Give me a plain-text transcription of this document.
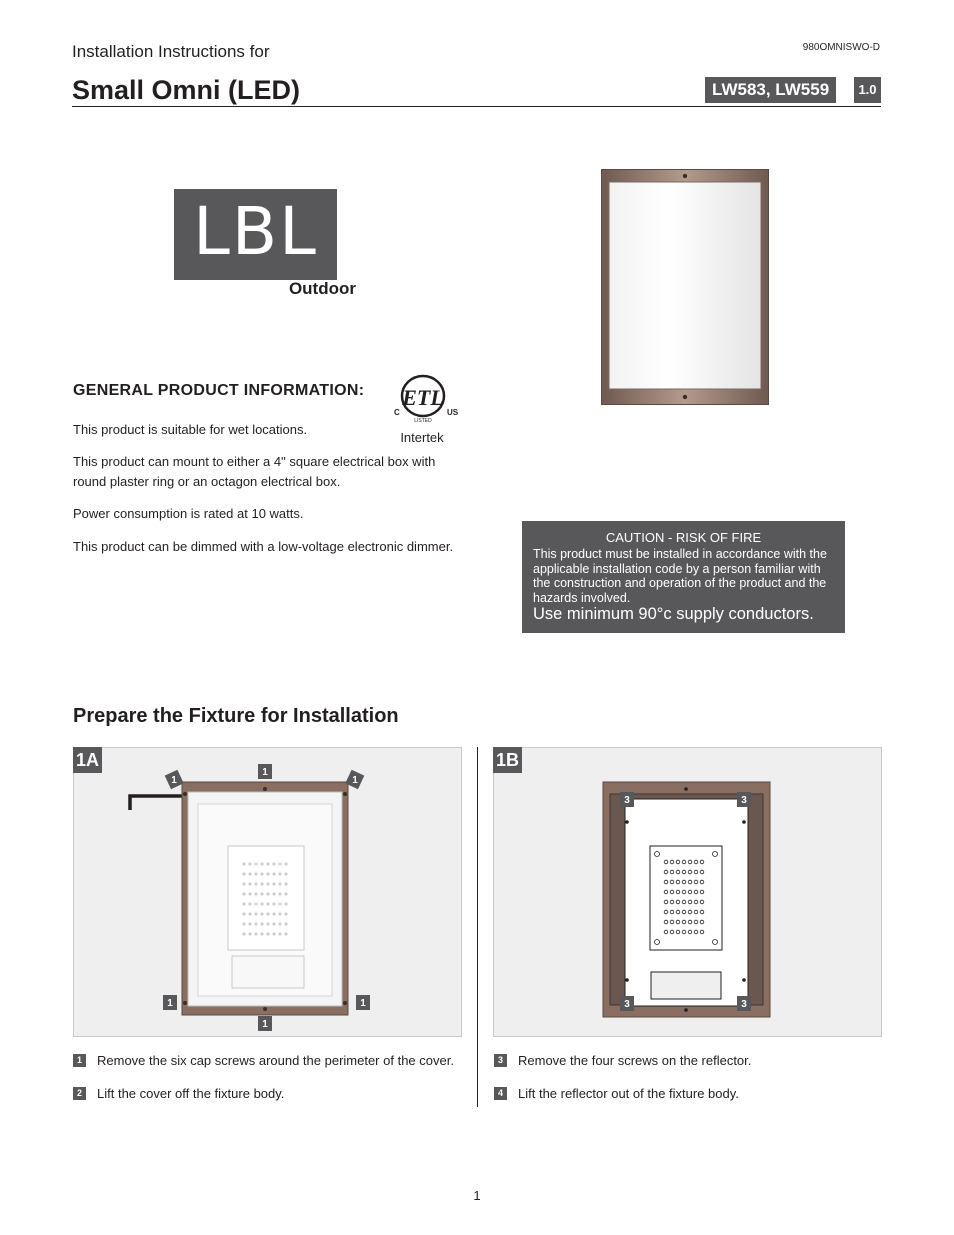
980OMNISWO-D
Installation Instructions for
Small Omni (LED)	LW583, LW559	1.0
LBL
Outdoor
GENERAL PRODUCT INFORMATION: ETL
C	US
LISTED
Intertek
This product is suitable for wet locations.
This product can mount to either a 4" square electrical box with round plaster ring or an octagon electrical box.
Power consumption is rated at 10 watts.
This product can be dimmed with a low-voltage electronic dimmer.
CAUTION - RISK OF FIRE
This product must be installed in accordance with the applicable installation code by a person familiar with the construction and operation of the product and the hazards involved.
Use minimum 90°c supply conductors.
Prepare the Fixture for Installation
1
1	1
1	1
1
1A
3	3
3	3
1B
1	Remove the six cap screws around the perimeter of the cover.
2	Lift the cover off the fixture body.
3	Remove the four screws on the reflector.
4	Lift the reflector out of the fixture body.
1
